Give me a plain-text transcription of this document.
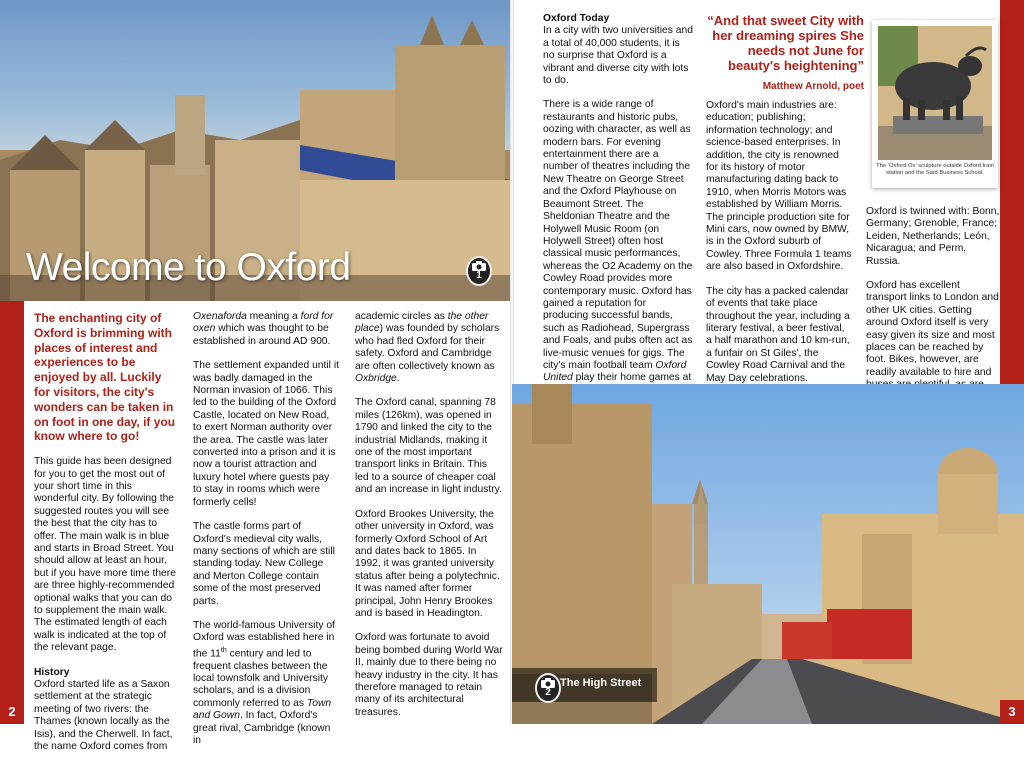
Welcome to Oxford	1

The enchanting city of Oxford is brimming with places of interest and experiences to be enjoyed by all. Luckily for visitors, the city's wonders can be taken in on foot in one day, if you know where to go!

This guide has been designed for you to get the most out of your short time in this wonderful city. By following the suggested routes you will see the best that the city has to offer. The main walk is in blue and starts in Broad Street. You should allow at least an hour, but if you have more time there are three highly-recommended optional walks that you can do to supplement the main walk. The estimated length of each walk is indicated at the top of the relevant page.

History
Oxford started life as a Saxon settlement at the strategic meeting of two rivers: the Thames (known locally as the Isis), and the Cherwell. In fact, the name Oxford comes from

Oxenaforda meaning a ford for oxen which was thought to be established in around AD 900.

The settlement expanded until it was badly damaged in the Norman invasion of 1066. This led to the building of the Oxford Castle, located on New Road, to exert Norman authority over the area. The castle was later converted into a prison and it is now a tourist attraction and luxury hotel where guests pay to stay in rooms which were formerly cells!

The castle forms part of Oxford's medieval city walls, many sections of which are still standing today. New College and Merton College contain some of the most preserved parts.

The world-famous University of Oxford was established here in the 11th century and led to frequent clashes between the local townsfolk and University scholars, and is a division commonly referred to as Town and Gown. In fact, Oxford's great rival, Cambridge (known in

academic circles as the other place) was founded by scholars who had fled Oxford for their safety. Oxford and Cambridge are often collectively known as Oxbridge.

The Oxford canal, spanning 78 miles (126km), was opened in 1790 and linked the city to the industrial Midlands, making it one of the most important transport links in Britain. This led to a source of cheaper coal and an increase in light industry.

Oxford Brookes University, the other university in Oxford, was formerly Oxford School of Art and dates back to 1865. In 1992, it was granted university status after being a polytechnic. It was named after former principal, John Henry Brookes and is based in Headington.

Oxford was fortunate to avoid being bombed during World War II, mainly due to there being no heavy industry in the city. It has therefore managed to retain many of its architectural treasures.

2
Oxford Today

In a city with two universities and a total of 40,000 students, it is no surprise that Oxford is a vibrant and diverse city with lots to do.

There is a wide range of restaurants and historic pubs, oozing with character, as well as modern bars. For evening entertainment there are a number of theatres including the New Theatre on George Street and the Oxford Playhouse on Beaumont Street. The Sheldonian Theatre and the Holywell Music Room (on Holywell Street) often host classical music performances, whereas the O2 Academy on the Cowley Road provides more contemporary music. Oxford has gained a reputation for producing successful bands, such as Radiohead, Supergrass and Foals, and pubs often act as live-music venues for gigs. The city's main football team Oxford United play their home games at

“And that sweet City with her dreaming spires She needs not June for beauty's heightening”
Matthew Arnold, poet

Oxford's main industries are: education; publishing; information technology; and science-based enterprises. In addition, the city is renowned for its history of motor manufacturing dating back to 1910, when Morris Motors was established by William Morris. The principle production site for Mini cars, now owned by BMW, is in the Oxford suburb of Cowley. Three Formula 1 teams are also based in Oxfordshire.

The city has a packed calendar of events that take place throughout the year, including a literary festival, a beer festival, a half marathon and 10 km-run, a funfair on St Giles', the Cowley Road Carnival and the May Day celebrations.

The ‘Oxford Ox’ sculpture outside Oxford train station and the Saïd Business School.

Oxford is twinned with: Bonn, Germany; Grenoble, France; Leiden, Netherlands; León, Nicaragua; and Perm, Russia.

Oxford has excellent transport links to London and other UK cities. Getting around Oxford itself is very easy given its size and most places can be reached by foot. Bikes, however, are readily available to hire and

2
The High Street
3
